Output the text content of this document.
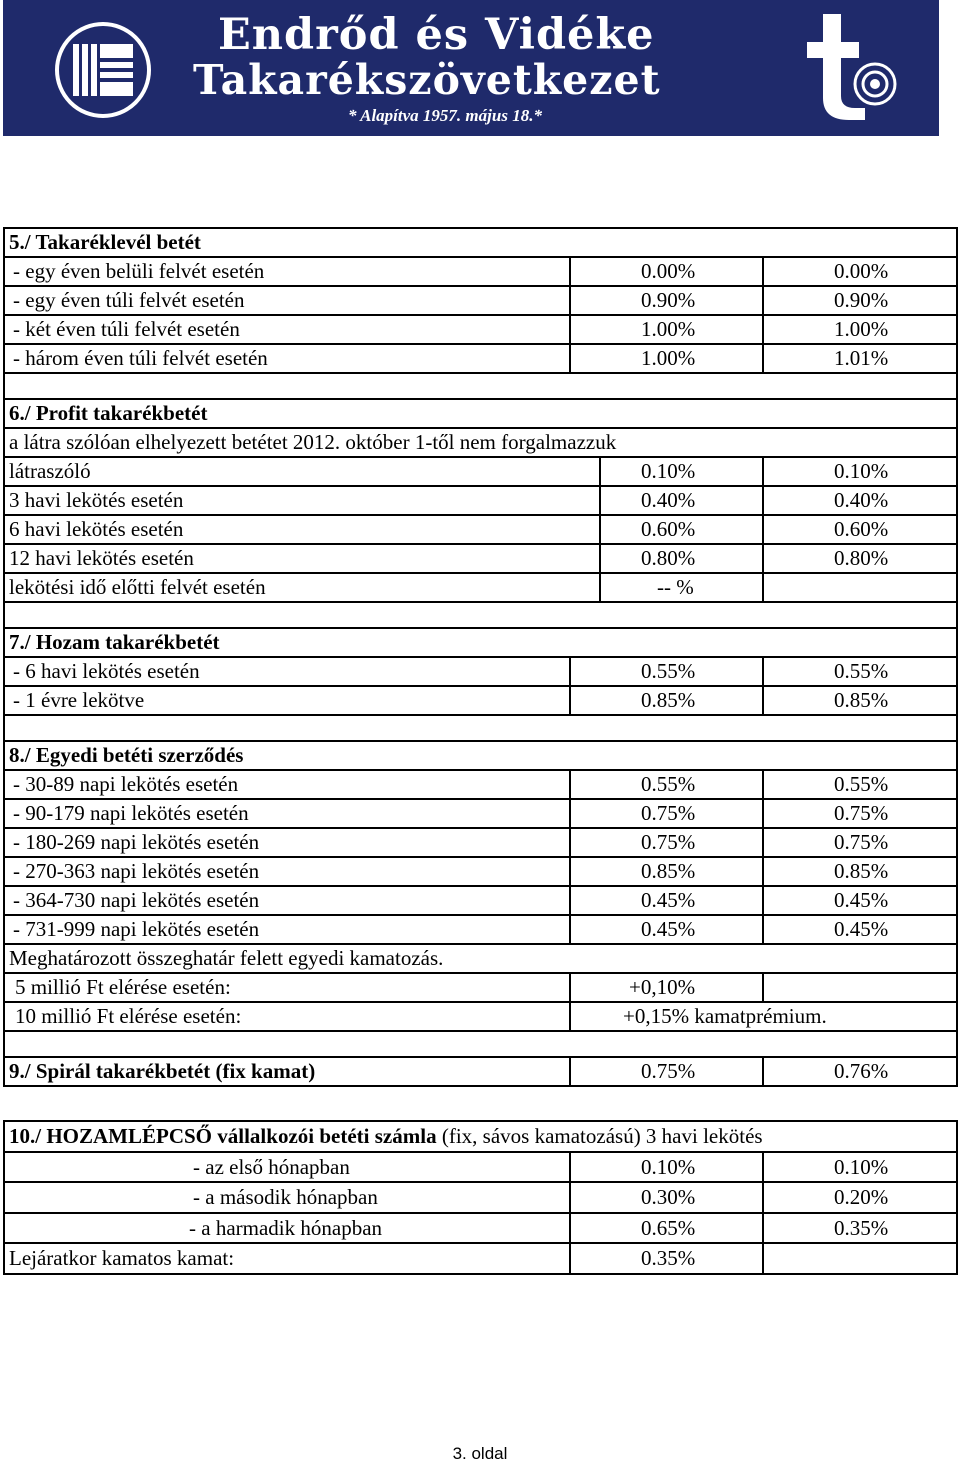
Endrőd és Vidéke
Takarékszövetkezet
* Alapítva 1957. május 18.*
5./ Takaréklevél betét
- egy éven belüli felvét esetén	0.00%	0.00%
- egy éven túli felvét esetén	0.90%	0.90%
- két éven túli felvét esetén	1.00%	1.00%
- három éven túli felvét esetén	1.00%	1.01%
6./ Profit takarékbetét
a látra szólóan elhelyezett betétet 2012. október 1-től nem forgalmazzuk
látraszóló	0.10%	0.10%
3 havi lekötés esetén	0.40%	0.40%
6 havi lekötés esetén	0.60%	0.60%
12 havi lekötés esetén	0.80%	0.80%
lekötési idő előtti felvét esetén	-- %
7./ Hozam takarékbetét
- 6 havi lekötés esetén	0.55%	0.55%
- 1 évre lekötve	0.85%	0.85%
8./ Egyedi betéti szerződés
- 30-89 napi lekötés esetén	0.55%	0.55%
- 90-179 napi lekötés esetén	0.75%	0.75%
- 180-269 napi lekötés esetén	0.75%	0.75%
- 270-363 napi lekötés esetén	0.85%	0.85%
- 364-730 napi lekötés esetén	0.45%	0.45%
- 731-999 napi lekötés esetén	0.45%	0.45%
Meghatározott összeghatár felett egyedi kamatozás.
5 millió Ft elérése esetén:	+0,10%
10 millió Ft elérése esetén:	+0,15% kamatprémium.
9./ Spirál takarékbetét (fix kamat)	0.75%	0.76%
10./ HOZAMLÉPCSŐ vállalkozói betéti számla (fix, sávos kamatozású) 3 havi lekötés
- az első hónapban	0.10%	0.10%
- a második hónapban	0.30%	0.20%
- a harmadik hónapban	0.65%	0.35%
Lejáratkor kamatos kamat:	0.35%
3. oldal
